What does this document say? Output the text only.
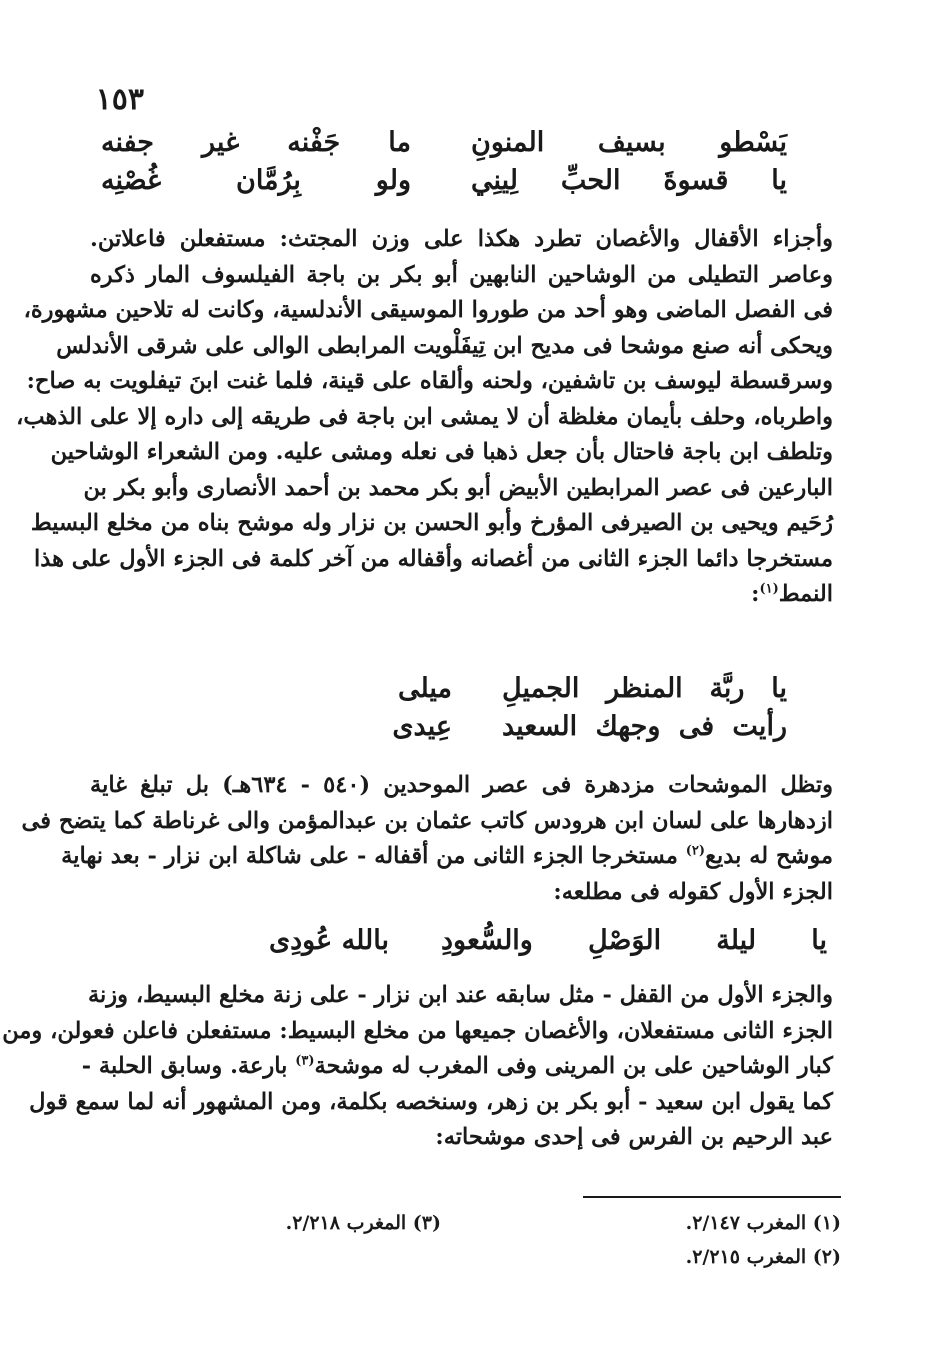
١٥٣
يَسْطو بسيف المنونِ
ما جَفْنه غير جفنه
يا قسوةَ الحبِّ لِينِي
ولو بِرُمَّان غُصْنِه
وأجزاء الأقفال والأغصان تطرد هكذا على وزن المجتث: مستفعلن فاعلاتن.
وعاصر التطيلى من الوشاحين النابهين أبو بكر بن باجة الفيلسوف المار ذكره
فى الفصل الماضى وهو أحد من طوروا الموسيقى الأندلسية، وكانت له تلاحين مشهورة،
ويحكى أنه صنع موشحا فى مديح ابن تِيفَلْويت المرابطى الوالى على شرقى الأندلس
وسرقسطة ليوسف بن تاشفين، ولحنه وألقاه على قينة، فلما غنت ابنَ تيفلويت به صاح:
واطرباه، وحلف بأيمان مغلظة أن لا يمشى ابن باجة فى طريقه إلى داره إلا على الذهب،
وتلطف ابن باجة فاحتال بأن جعل ذهبا فى نعله ومشى عليه. ومن الشعراء الوشاحين
البارعين فى عصر المرابطين الأبيض أبو بكر محمد بن أحمد الأنصارى وأبو بكر بن
رُحَيم ويحيى بن الصيرفى المؤرخ وأبو الحسن بن نزار وله موشح بناه من مخلع البسيط
مستخرجا دائما الجزء الثانى من أغصانه وأقفاله من آخر كلمة فى الجزء الأول على هذا
النمط$^{(١)}$:
يا ربَّة المنظر الجميلِ
ميلى
رأيت فى وجهك السعيد
عِيدى
وتظل الموشحات مزدهرة فى عصر الموحدين (٥٤٠ - ٦٣٤هـ) بل تبلغ غاية
ازدهارها على لسان ابن هرودس كاتب عثمان بن عبدالمؤمن والى غرناطة كما يتضح فى
موشح له بديع$^{(٢)}$ مستخرجا الجزء الثانى من أقفاله - على شاكلة ابن نزار - بعد نهاية
الجزء الأول كقوله فى مطلعه:
يا ليلة الوَصْلِ والسُّعودِ
بالله عُودِى
والجزء الأول من القفل - مثل سابقه عند ابن نزار - على زنة مخلع البسيط، وزنة
الجزء الثانى مستفعلان، والأغصان جميعها من مخلع البسيط: مستفعلن فاعلن فعولن، ومن
كبار الوشاحين على بن المرينى وفى المغرب له موشحة$^{(٣)}$ بارعة. وسابق الحلبة -
كما يقول ابن سعيد - أبو بكر بن زهر، وسنخصه بكلمة، ومن المشهور أنه لما سمع قول
عبد الرحيم بن الفرس فى إحدى موشحاته:
(١) المغرب ٢/١٤٧.
(٢) المغرب ٢/٢١٥.
(٣) المغرب ٢/٢١٨.
